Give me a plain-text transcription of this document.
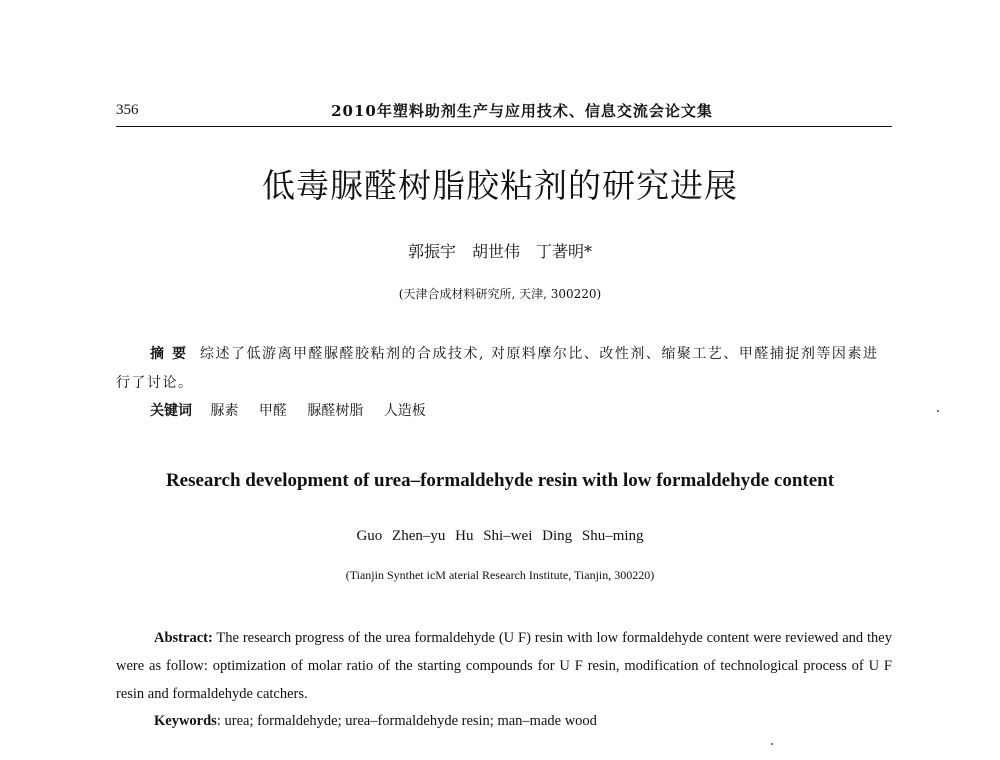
356	2010年塑料助剂生产与应用技术、信息交流会论文集
低毒脲醛树脂胶粘剂的研究进展
郭振宇　胡世伟　丁著明*
(天津合成材料研究所, 天津, 300220)
摘要 综述了低游离甲醛脲醛胶粘剂的合成技术, 对原料摩尔比、改性剂、缩聚工艺、甲醛捕捉剂等因素进行了讨论。
关键词 脲素 甲醛 脲醛树脂 人造板
Research development of urea–formaldehyde resin with low formaldehyde content
Guo Zhen–yu Hu Shi–wei Ding Shu–ming
(Tianjin Synthet icM aterial Research Institute, Tianjin, 300220)
Abstract: The research progress of the urea formaldehyde (U F) resin with low formaldehyde content were reviewed and they were as follow: optimization of molar ratio of the starting compounds for U F resin, modification of technological process of U F resin and formaldehyde catchers.
Keywords: urea; formaldehyde; urea–formaldehyde resin; man–made wood
